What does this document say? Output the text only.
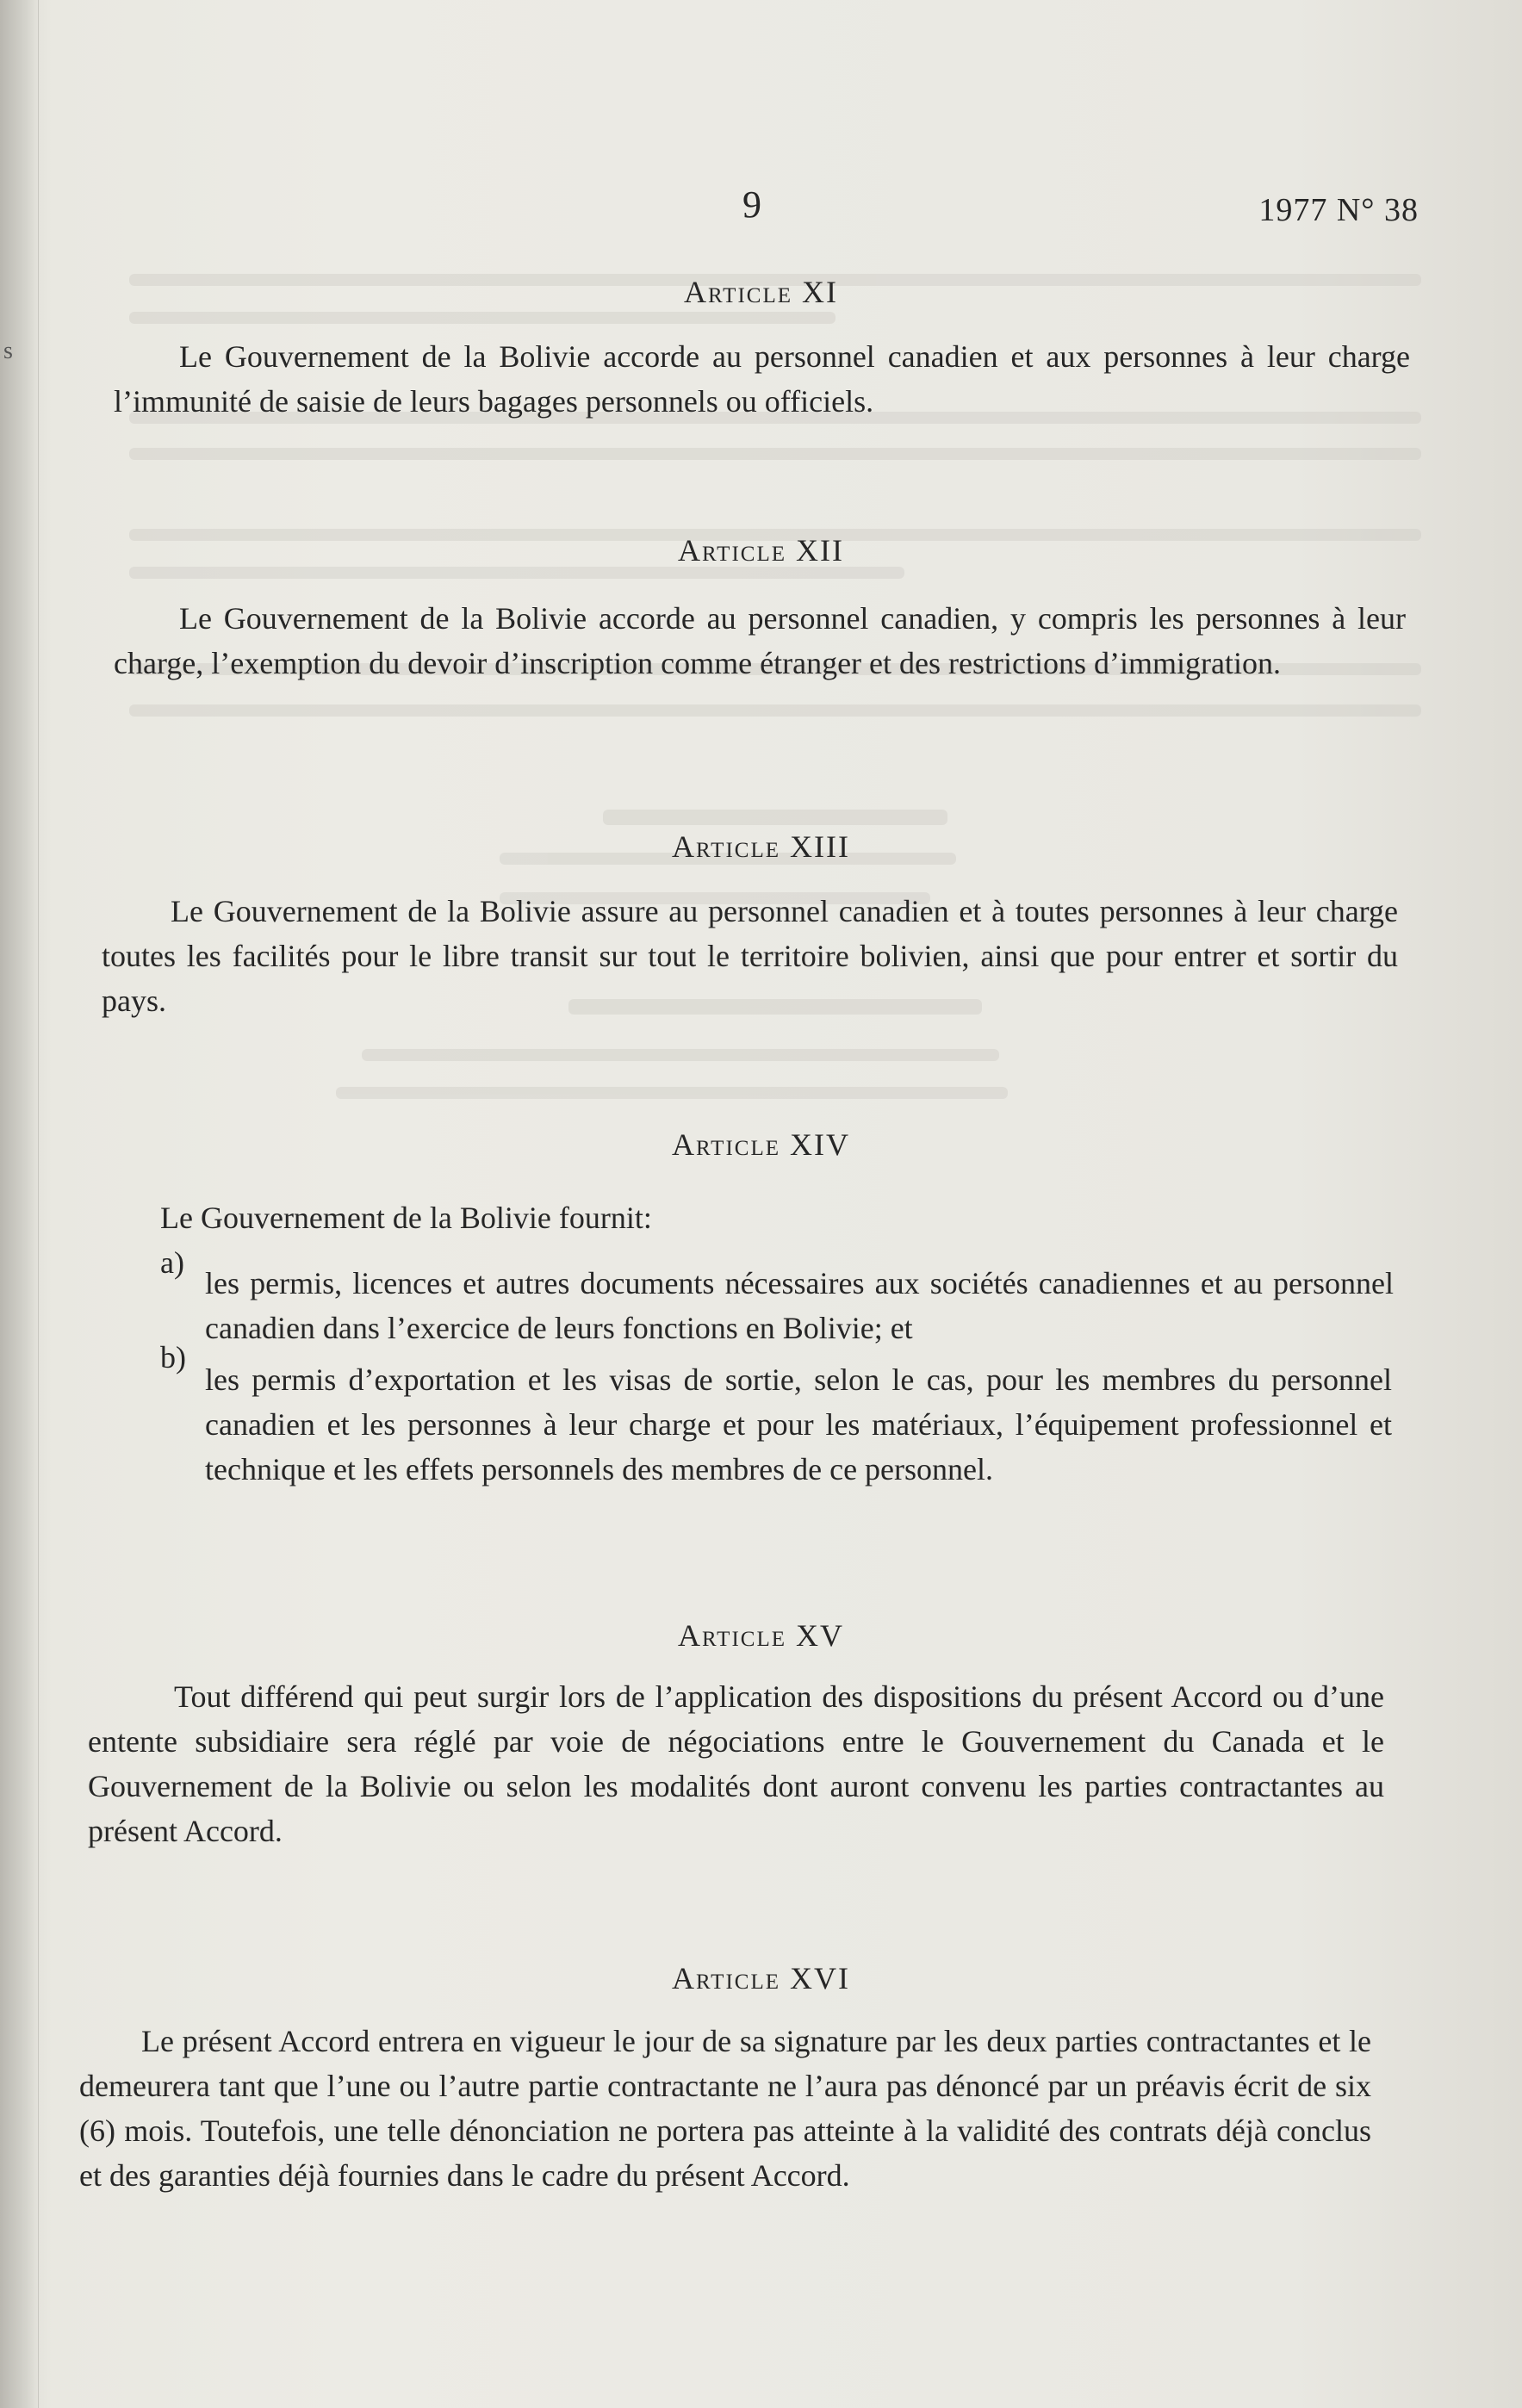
s
9	1977 N° 38
Article XI
Le Gouvernement de la Bolivie accorde au personnel canadien et aux personnes à leur charge l’immunité de saisie de leurs bagages personnels ou officiels.
Article XII
Le Gouvernement de la Bolivie accorde au personnel canadien, y compris les personnes à leur charge, l’exemption du devoir d’inscription comme étranger et des restrictions d’immigration.
Article XIII
Le Gouvernement de la Bolivie assure au personnel canadien et à toutes personnes à leur charge toutes les facilités pour le libre transit sur tout le territoire bolivien, ainsi que pour entrer et sortir du pays.
Article XIV
Le Gouvernement de la Bolivie fournit:
a)
les permis, licences et autres documents nécessaires aux sociétés canadiennes et au personnel canadien dans l’exercice de leurs fonctions en Bolivie; et
b)
les permis d’exportation et les visas de sortie, selon le cas, pour les membres du personnel canadien et les personnes à leur charge et pour les matériaux, l’équipement professionnel et technique et les effets personnels des membres de ce personnel.
Article XV
Tout différend qui peut surgir lors de l’application des dispositions du présent Accord ou d’une entente subsidiaire sera réglé par voie de négociations entre le Gouvernement du Canada et le Gouvernement de la Bolivie ou selon les modalités dont auront convenu les parties contractantes au présent Accord.
Article XVI
Le présent Accord entrera en vigueur le jour de sa signature par les deux parties contractantes et le demeurera tant que l’une ou l’autre partie contractante ne l’aura pas dénoncé par un préavis écrit de six (6) mois. Toutefois, une telle dénonciation ne portera pas atteinte à la validité des contrats déjà conclus et des garanties déjà fournies dans le cadre du présent Accord.
